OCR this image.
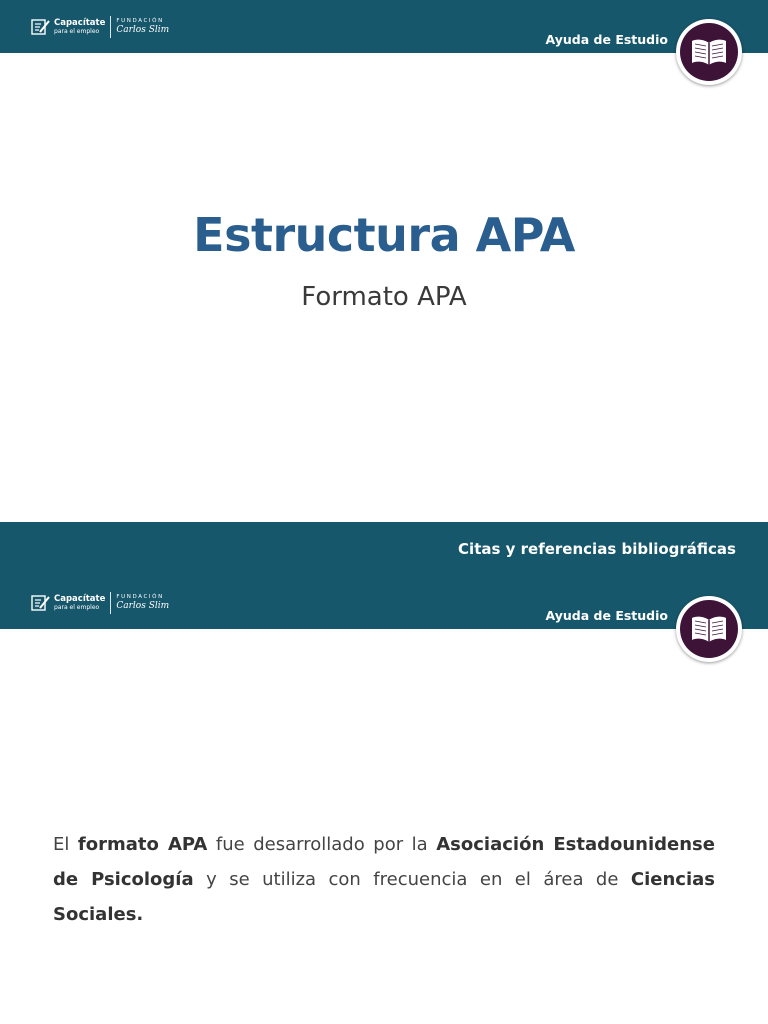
Capacítate
para el empleo
FUNDACIÓN
Carlos Slim
Ayuda de Estudio
Estructura APA
Formato APA
Citas y referencias bibliográficas
Capacítate
para el empleo
FUNDACIÓN
Carlos Slim
Ayuda de Estudio

El formato APA fue desarrollado por la Asociación Estadounidense de Psicología y se utiliza con frecuencia en el área de Ciencias Sociales.
